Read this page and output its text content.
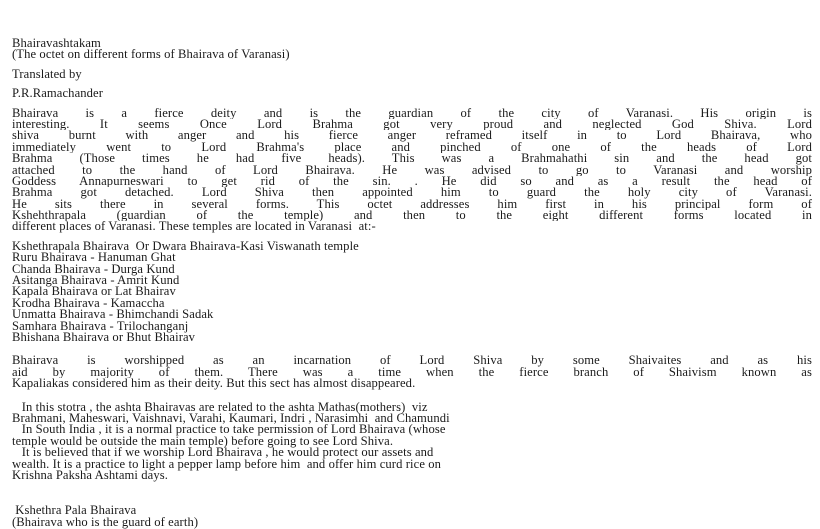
Bhairavashtakam
(The octet on different forms of Bhairava of Varanasi)
Translated by
P.R.Ramachander
Bhairava is a fierce deity and is the guardian of the city of Varanasi. His origin is
interesting. It seems Once Lord Brahma got very proud and neglected God Shiva. Lord
shiva burnt with anger and his fierce anger reframed itself in to Lord Bhairava, who
immediately went to Lord Brahma's place and pinched of one of the heads of Lord
Brahma (Those times he had five heads). This was a Brahmahathi sin and the head got
attached to the hand of Lord Bhairava. He was advised to go to Varanasi and worship
Goddess Annapurneswari to get rid of the sin. . He did so and as a result the head of
Brahma got detached. Lord Shiva then appointed him to guard the holy city of Varanasi.
He sits there in several forms. This octet addresses him first in his principal form of
Kshehthrapala (guardian of the temple) and then to the eight different forms located in
different places of Varanasi. These temples are located in Varanasi  at:-
Kshethrapala Bhairava  Or Dwara Bhairava-Kasi Viswanath temple
Ruru Bhairava - Hanuman Ghat
Chanda Bhairava - Durga Kund
Asitanga Bhairava - Amrit Kund
Kapala Bhairava or Lat Bhairav
Krodha Bhairava - Kamaccha
Unmatta Bhairava - Bhimchandi Sadak
Samhara Bhairava - Trilochanganj
Bhishana Bhairava or Bhut Bhairav
Bhairava is worshipped as an incarnation of Lord Shiva by some Shaivaites and as his
aid by majority of them. There was a time when the fierce branch of Shaivism known as
Kapaliakas considered him as their deity. But this sect has almost disappeared.
In this stotra , the ashta Bhairavas are related to the ashta Mathas(mothers)  viz
Brahmani, Maheswari, Vaishnavi, Varahi, Kaumari, Indri , Narasimhi  and Chamundi
In South India , it is a normal practice to take permission of Lord Bhairava (whose
temple would be outside the main temple) before going to see Lord Shiva.
It is believed that if we worship Lord Bhairava , he would protect our assets and
wealth. It is a practice to light a pepper lamp before him  and offer him curd rice on
Krishna Paksha Ashtami days.
Kshethra Pala Bhairava
(Bhairava who is the guard of earth)
